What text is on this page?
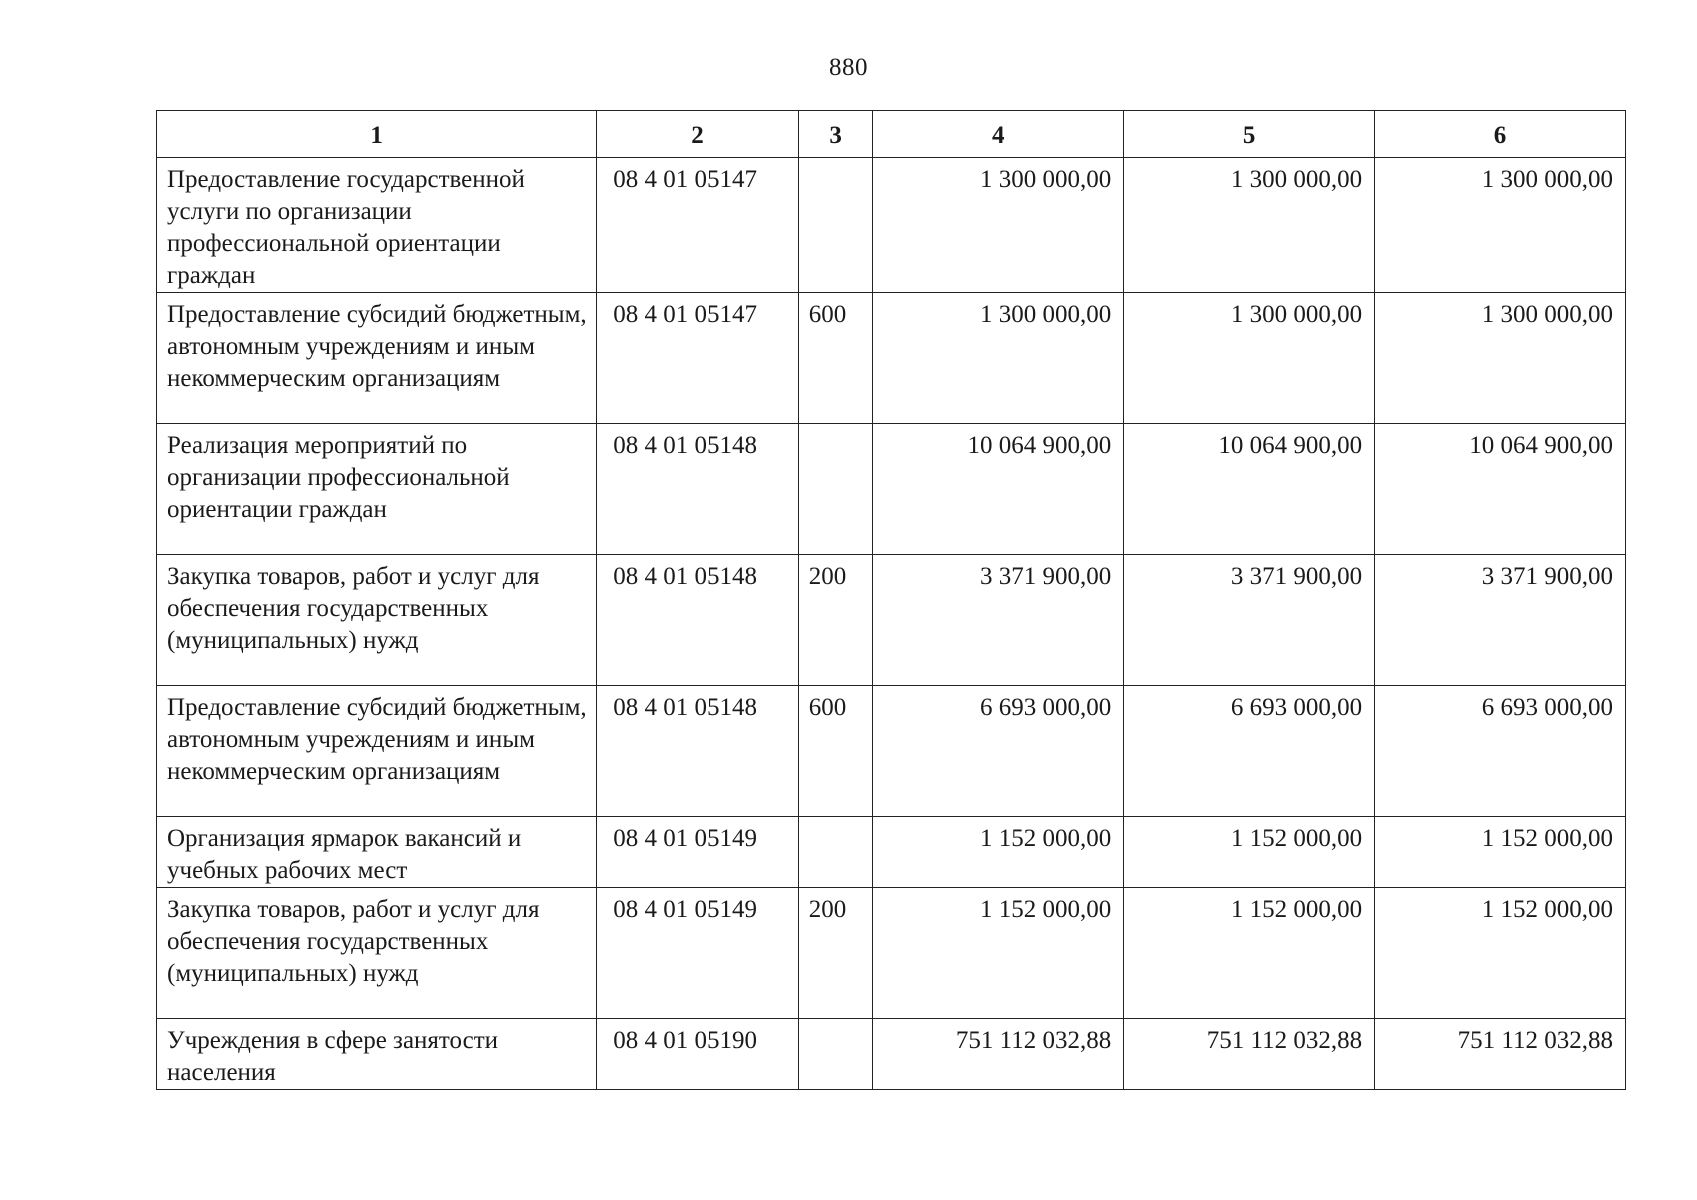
880
1	2	3	4	5	6
Предоставление государственной услуги по организации профессиональной ориентации граждан	08 4 01 05147		1 300 000,00	1 300 000,00	1 300 000,00
Предоставление субсидий бюджетным, автономным учреждениям и иным некоммерческим организациям	08 4 01 05147	600	1 300 000,00	1 300 000,00	1 300 000,00
Реализация мероприятий по организации профессиональной ориентации граждан	08 4 01 05148		10 064 900,00	10 064 900,00	10 064 900,00
Закупка товаров, работ и услуг для обеспечения государственных (муниципальных) нужд	08 4 01 05148	200	3 371 900,00	3 371 900,00	3 371 900,00
Предоставление субсидий бюджетным, автономным учреждениям и иным некоммерческим организациям	08 4 01 05148	600	6 693 000,00	6 693 000,00	6 693 000,00
Организация ярмарок вакансий и учебных рабочих мест	08 4 01 05149		1 152 000,00	1 152 000,00	1 152 000,00
Закупка товаров, работ и услуг для обеспечения государственных (муниципальных) нужд	08 4 01 05149	200	1 152 000,00	1 152 000,00	1 152 000,00
Учреждения в сфере занятости населения	08 4 01 05190		751 112 032,88	751 112 032,88	751 112 032,88
